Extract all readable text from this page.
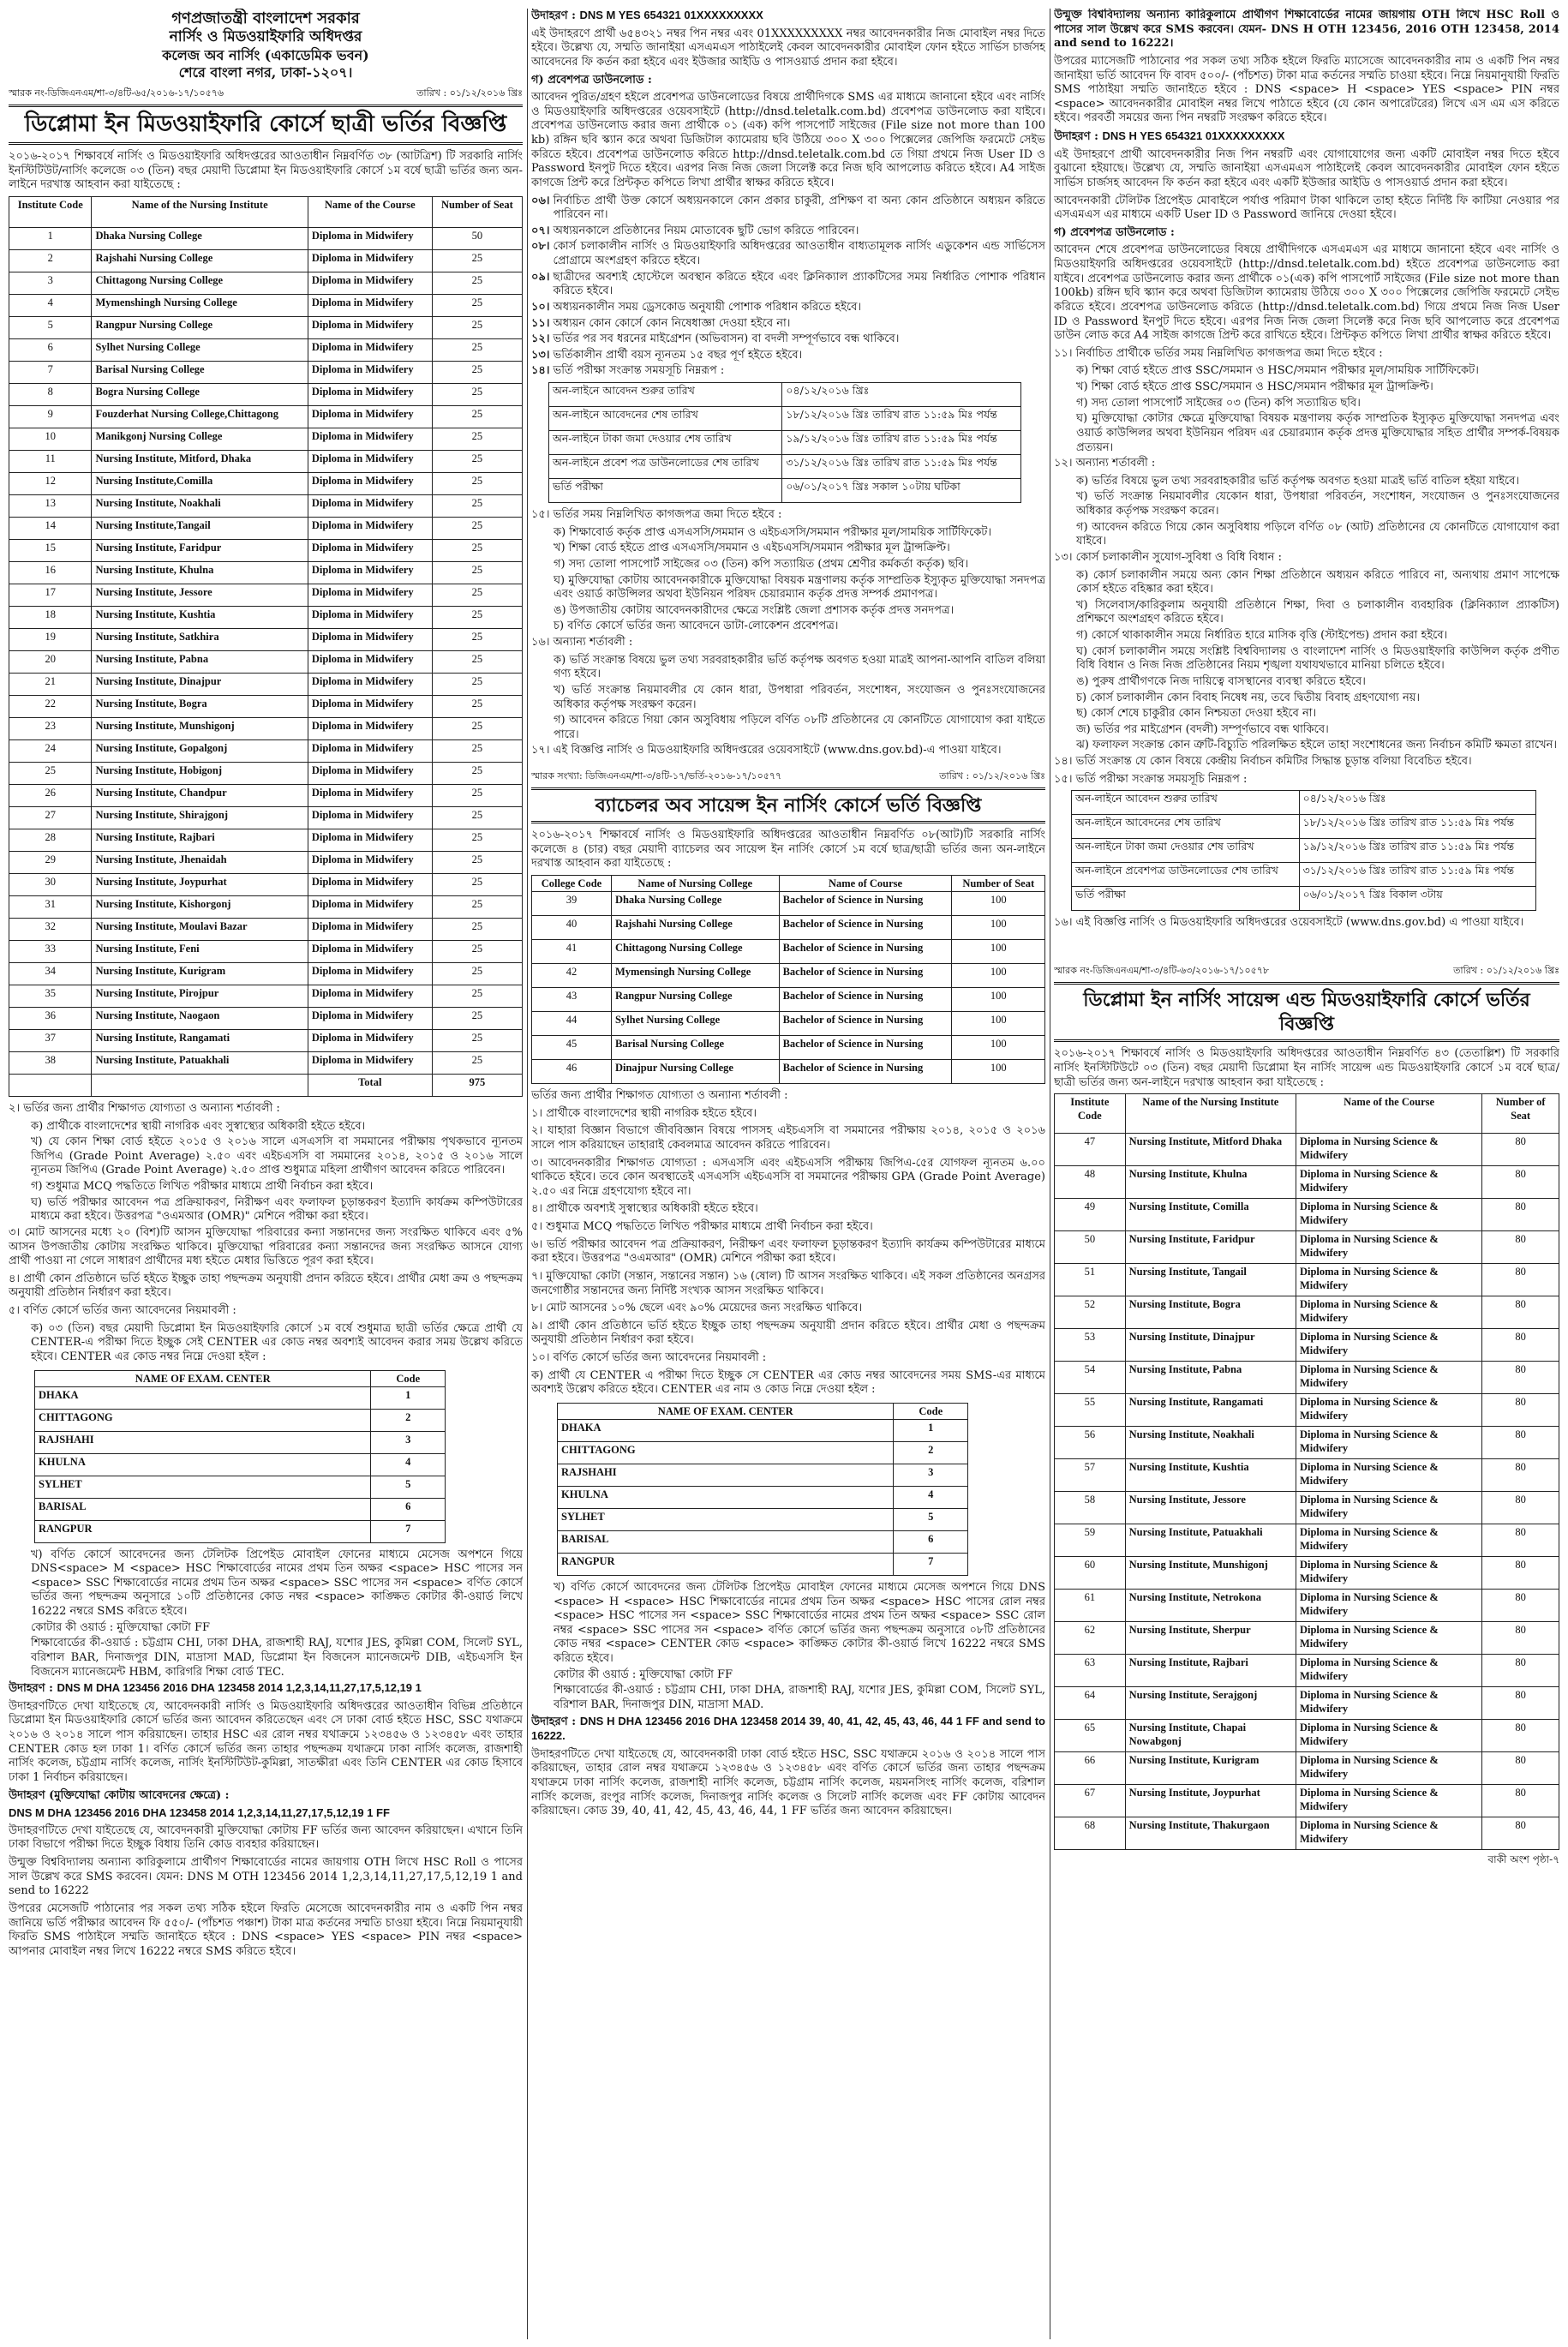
গণপ্রজাতন্ত্রী বাংলাদেশ সরকার
নার্সিং ও মিডওয়াইফারি অধিদপ্তর
কলেজ অব নার্সিং (একাডেমিক ভবন)
শেরে বাংলা নগর, ঢাকা-১২০৭।
স্মারক নং-ডিজিএনএম/শা-৩/৪টি-৬৫/২০১৬-১৭/১০৫৭৬	তারিখ : ০১/১২/২০১৬ খ্রিঃ
ডিপ্লোমা ইন মিডওয়াইফারি কোর্সে ছাত্রী ভর্তির বিজ্ঞপ্তি
২০১৬-২০১৭ শিক্ষাবর্ষে নার্সিং ও মিডওয়াইফারি অধিদপ্তরের আওতাধীন নিম্নবর্ণিত ৩৮ (আটত্রিশ) টি সরকারি নার্সিং ইনস্টিটিউট/নার্সিং কলেজে ০৩ (তিন) বছর মেয়াদী ডিপ্লোমা ইন মিডওয়াইফারি কোর্সে ১ম বর্ষে ছাত্রী ভর্তির জন্য অন-লাইনে দরখাস্ত আহবান করা যাইতেছে :
Institute Code	Name of the Nursing Institute	Name of the Course	Number of Seat
1	Dhaka Nursing College	Diploma in Midwifery	50
2	Rajshahi Nursing College	Diploma in Midwifery	25
3	Chittagong Nursing College	Diploma in Midwifery	25
4	Mymenshingh Nursing College	Diploma in Midwifery	25
5	Rangpur Nursing College	Diploma in Midwifery	25
6	Sylhet Nursing College	Diploma in Midwifery	25
7	Barisal Nursing College	Diploma in Midwifery	25
8	Bogra Nursing College	Diploma in Midwifery	25
9	Fouzderhat Nursing College,Chittagong	Diploma in Midwifery	25
10	Manikgonj Nursing College	Diploma in Midwifery	25
11	Nursing Institute, Mitford, Dhaka	Diploma in Midwifery	25
12	Nursing Institute,Comilla	Diploma in Midwifery	25
13	Nursing Institute, Noakhali	Diploma in Midwifery	25
14	Nursing Institute,Tangail	Diploma in Midwifery	25
15	Nursing Institute, Faridpur	Diploma in Midwifery	25
16	Nursing Institute, Khulna	Diploma in Midwifery	25
17	Nursing Institute, Jessore	Diploma in Midwifery	25
18	Nursing Institute, Kushtia	Diploma in Midwifery	25
19	Nursing Institute, Satkhira	Diploma in Midwifery	25
20	Nursing Institute, Pabna	Diploma in Midwifery	25
21	Nursing Institute, Dinajpur	Diploma in Midwifery	25
22	Nursing Institute, Bogra	Diploma in Midwifery	25
23	Nursing Institute, Munshigonj	Diploma in Midwifery	25
24	Nursing Institute, Gopalgonj	Diploma in Midwifery	25
25	Nursing Institute, Hobigonj	Diploma in Midwifery	25
26	Nursing Institute, Chandpur	Diploma in Midwifery	25
27	Nursing Institute, Shirajgonj	Diploma in Midwifery	25
28	Nursing Institute, Rajbari	Diploma in Midwifery	25
29	Nursing Institute, Jhenaidah	Diploma in Midwifery	25
30	Nursing Institute, Joypurhat	Diploma in Midwifery	25
31	Nursing Institute, Kishorgonj	Diploma in Midwifery	25
32	Nursing Institute, Moulavi Bazar	Diploma in Midwifery	25
33	Nursing Institute, Feni	Diploma in Midwifery	25
34	Nursing Institute, Kurigram	Diploma in Midwifery	25
35	Nursing Institute, Pirojpur	Diploma in Midwifery	25
36	Nursing Institute, Naogaon	Diploma in Midwifery	25
37	Nursing Institute, Rangamati	Diploma in Midwifery	25
38	Nursing Institute, Patuakhali	Diploma in Midwifery	25
		Total	975
২। ভর্তির জন্য প্রার্থীর শিক্ষাগত যোগ্যতা ও অন্যান্য শর্তাবলী :
ক) প্রার্থীকে বাংলাদেশের স্থায়ী নাগরিক এবং সুস্বাস্থ্যের অধিকারী হইতে হইবে।
খ) যে কোন শিক্ষা বোর্ড হইতে ২০১৫ ও ২০১৬ সালে এসএসসি বা সমমানের পরীক্ষায় পৃথকভাবে ন্যূনতম জিপিএ (Grade Point Average) ২.৫০ এবং এইচএসসি বা সমমানের ২০১৪, ২০১৫ ও ২০১৬ সালে ন্যূনতম জিপিএ (Grade Point Average) ২.৫০ প্রাপ্ত শুধুমাত্র মহিলা প্রার্থীগণ আবেদন করিতে পারিবেন।
গ) শুধুমাত্র MCQ পদ্ধতিতে লিখিত পরীক্ষার মাধ্যমে প্রার্থী নির্বাচন করা হইবে।
ঘ) ভর্তি পরীক্ষার আবেদন পত্র প্রক্রিয়াকরণ, নিরীক্ষণ এবং ফলাফল চূড়ান্তকরণ ইত্যাদি কার্যক্রম কম্পিউটারের মাধ্যমে করা হইবে। উত্তরপত্র "ওএমআর (OMR)" মেশিনে পরীক্ষা করা হইবে।
৩। মোট আসনের মধ্যে ২০ (বিশ)টি আসন মুক্তিযোদ্ধা পরিবারের কন্যা সন্তানদের জন্য সংরক্ষিত থাকিবে এবং ৫% আসন উপজাতীয় কোটায় সংরক্ষিত থাকিবে। মুক্তিযোদ্ধা পরিবারের কন্যা সন্তানদের জন্য সংরক্ষিত আসনে যোগ্য প্রার্থী পাওয়া না গেলে সাধারণ প্রার্থীদের মধ্য হইতে মেধার ভিত্তিতে পূরণ করা হইবে।
৪। প্রার্থী কোন প্রতিষ্ঠানে ভর্তি হইতে ইচ্ছুক তাহা পছন্দক্রম অনুযায়ী প্রদান করিতে হইবে। প্রার্থীর মেধা ক্রম ও পছন্দক্রম অনুযায়ী প্রতিষ্ঠান নির্ধারণ করা হইবে।
৫। বর্ণিত কোর্সে ভর্তির জন্য আবেদনের নিয়মাবলী :
ক) ০৩ (তিন) বছর মেয়াদী ডিপ্লোমা ইন মিডওয়াইফারি কোর্সে ১ম বর্ষে শুধুমাত্র ছাত্রী ভর্তির ক্ষেত্রে প্রার্থী যে CENTER-এ পরীক্ষা দিতে ইচ্ছুক সেই CENTER এর কোড নম্বর অবশ্যই আবেদন করার সময় উল্লেখ করিতে হইবে। CENTER এর কোড নম্বর নিম্নে দেওয়া হইল :
NAME OF EXAM. CENTER	Code
DHAKA	1
CHITTAGONG	2
RAJSHAHI	3
KHULNA	4
SYLHET	5
BARISAL	6
RANGPUR	7
খ) বর্ণিত কোর্সে আবেদনের জন্য টেলিটক প্রিপেইড মোবাইল ফোনের মাধ্যমে মেসেজ অপশনে গিয়ে DNS<space> M <space> HSC শিক্ষাবোর্ডের নামের প্রথম তিন অক্ষর <space> HSC পাসের সন <space> SSC শিক্ষাবোর্ডের নামের প্রথম তিন অক্ষর <space> SSC পাসের সন <space> বর্ণিত কোর্সে ভর্তির জন্য পছন্দক্রম অনুসারে ১০টি প্রতিষ্ঠানের কোড নম্বর <space> কাঙ্ক্ষিত কোটার কী-ওয়ার্ড লিখে 16222 নম্বরে SMS করিতে হইবে।
কোটার কী ওয়ার্ড : মুক্তিযোদ্ধা কোটা FF
শিক্ষাবোর্ডের কী-ওয়ার্ড : চট্টগ্রাম CHI, ঢাকা DHA, রাজশাহী RAJ, যশোর JES, কুমিল্লা COM, সিলেট SYL, বরিশাল BAR, দিনাজপুর DIN, মাদ্রাসা MAD, ডিপ্লোমা ইন বিজনেস ম্যানেজমেন্ট DIB, এইচএসসি ইন বিজনেস ম্যানেজমেন্ট HBM, কারিগরি শিক্ষা বোর্ড TEC.
উদাহরণ : DNS M DHA 123456 2016 DHA 123458 2014 1,2,3,14,11,27,17,5,12,19 1
উদাহরণটিতে দেখা যাইতেছে যে, আবেদনকারী নার্সিং ও মিডওয়াইফারি অধিদপ্তরের আওতাধীন বিভিন্ন প্রতিষ্ঠানে ডিপ্লোমা ইন মিডওয়াইফারি কোর্সে ভর্তির জন্য আবেদন করিতেছেন এবং সে ঢাকা বোর্ড হইতে HSC, SSC যথাক্রমে ২০১৬ ও ২০১৪ সালে পাস করিয়াছেন। তাহার HSC এর রোল নম্বর যথাক্রমে ১২৩৪৫৬ ও ১২৩৪৫৮ এবং তাহার CENTER কোড হল ঢাকা 1। বর্ণিত কোর্সে ভর্তির জন্য তাহার পছন্দক্রম যথাক্রমে ঢাকা নার্সিং কলেজ, রাজশাহী নার্সিং কলেজ, চট্টগ্রাম নার্সিং কলেজ, নার্সিং ইনস্টিটিউট-কুমিল্লা, সাতক্ষীরা এবং তিনি CENTER এর কোড হিসাবে ঢাকা 1 নির্বাচন করিয়াছেন।
উদাহরণ (মুক্তিযোদ্ধা কোটায় আবেদনের ক্ষেত্রে) :
DNS M DHA 123456 2016 DHA 123458 2014 1,2,3,14,11,27,17,5,12,19 1 FF
উদাহরণটিতে দেখা যাইতেছে যে, আবেদনকারী মুক্তিযোদ্ধা কোটায় FF ভর্তির জন্য আবেদন করিয়াছেন। এখানে তিনি ঢাকা বিভাগে পরীক্ষা দিতে ইচ্ছুক বিধায় তিনি কোড ব্যবহার করিয়াছেন।
উন্মুক্ত বিশ্ববিদ্যালয় অন্যান্য কারিকুলামে প্রার্থীগণ শিক্ষাবোর্ডের নামের জায়গায় OTH লিখে HSC Roll ও পাসের সাল উল্লেখ করে SMS করবেন। যেমন: DNS M OTH 123456 2014 1,2,3,14,11,27,17,5,12,19 1 and send to 16222
উপরের মেসেজটি পাঠানোর পর সকল তথ্য সঠিক হইলে ফিরতি মেসেজে আবেদনকারীর নাম ও একটি পিন নম্বর জানিয়ে ভর্তি পরীক্ষার আবেদন ফি ৫৫০/- (পাঁচশত পঞ্চাশ) টাকা মাত্র কর্তনের সম্মতি চাওয়া হইবে। নিম্নে নিয়মানুযায়ী ফিরতি SMS পাঠাইলে সম্মতি জানাইতে হইবে : DNS <space> YES <space> PIN নম্বর <space> আপনার মোবাইল নম্বর লিখে 16222 নম্বরে SMS করিতে হইবে।
উদাহরণ : DNS M YES 654321 01XXXXXXXXX
এই উদাহরণে প্রার্থী ৬৫৪৩২১ নম্বর পিন নম্বর এবং 01XXXXXXXXX নম্বর আবেদনকারীর নিজ মোবাইল নম্বর দিতে হইবে। উল্লেখ্য যে, সম্মতি জানাইয়া এসএমএস পাঠাইলেই কেবল আবেদনকারীর মোবাইল ফোন হইতে সার্ভিস চার্জসহ আবেদনের ফি কর্তন করা হইবে এবং ইউজার আইডি ও পাসওয়ার্ড প্রদান করা হইবে।
গ) প্রবেশপত্র ডাউনলোড :
আবেদন পুরিত/গ্রহণ হইলে প্রবেশপত্র ডাউনলোডের বিষয়ে প্রার্থীদিগকে SMS এর মাধ্যমে জানানো হইবে এবং নার্সিং ও মিডওয়াইফারি অধিদপ্তরের ওয়েবসাইটে (http://dnsd.teletalk.com.bd) প্রবেশপত্র ডাউনলোড করা যাইবে। প্রবেশপত্র ডাউনলোড করার জন্য প্রার্থীকে ০১ (এক) কপি পাসপোর্ট সাইজের (File size not more than 100 kb) রঙ্গিন ছবি স্ক্যান করে অথবা ডিজিটাল ক্যামেরায় ছবি উঠিয়ে ৩০০ X ৩০০ পিক্সেলের জেপিজি ফরমেটে সেইভ করিতে হইবে। প্রবেশপত্র ডাউনলোড করিতে http://dnsd.teletalk.com.bd তে গিয়া প্রথমে নিজ User ID ও Password ইনপুট দিতে হইবে। এরপর নিজ নিজ জেলা সিলেক্ট করে নিজ ছবি আপলোড করিতে হইবে। A4 সাইজ কাগজে প্রিন্ট করে প্রিন্টকৃত কপিতে লিখা প্রার্থীর স্বাক্ষর করিতে হইবে।
০৬। নির্বাচিত প্রার্থী উক্ত কোর্সে অধ্যয়নকালে কোন প্রকার চাকুরী, প্রশিক্ষণ বা অন্য কোন প্রতিষ্ঠানে অধ্যয়ন করিতে পারিবেন না।
০৭। অধ্যয়নকালে প্রতিষ্ঠানের নিয়ম মোতাবেক ছুটি ভোগ করিতে পারিবেন।
০৮। কোর্স চলাকালীন নার্সিং ও মিডওয়াইফারি অধিদপ্তরের আওতাধীন বাধ্যতামূলক নার্সিং এডুকেশন এন্ড সার্ভিসেস প্রোগ্রামে অংশগ্রহণ করিতে হইবে।
০৯। ছাত্রীদের অবশ্যই হোস্টেলে অবস্থান করিতে হইবে এবং ক্লিনিক্যাল প্র্যাকটিসের সময় নির্ধারিত পোশাক পরিধান করিতে হইবে।
১০। অধ্যয়নকালীন সময় ড্রেসকোড অনুযায়ী পোশাক পরিধান করিতে হইবে।
১১। অধ্যয়ন কোন কোর্সে কোন নিষেধাজ্ঞা দেওয়া হইবে না।
১২। ভর্তির পর সব ধরনের মাইগ্রেশন (অভিবাসন) বা বদলী সম্পূর্ণভাবে বন্ধ থাকিবে।
১৩। ভর্তিকালীন প্রার্থী বয়স ন্যূনতম ১৫ বছর পূর্ণ হইতে হইবে।
১৪। ভর্তি পরীক্ষা সংক্রান্ত সময়সূচি নিম্নরূপ :
অন-লাইনে আবেদন শুরুর তারিখ	০৪/১২/২০১৬ খ্রিঃ
অন-লাইনে আবেদনের শেষ তারিখ	১৮/১২/২০১৬ খ্রিঃ তারিখ রাত ১১:৫৯ মিঃ পর্যন্ত
অন-লাইনে টাকা জমা দেওয়ার শেষ তারিখ	১৯/১২/২০১৬ খ্রিঃ তারিখ রাত ১১:৫৯ মিঃ পর্যন্ত
অন-লাইনে প্রবেশ পত্র ডাউনলোডের শেষ তারিখ	৩১/১২/২০১৬ খ্রিঃ তারিখ রাত ১১:৫৯ মিঃ পর্যন্ত
ভর্তি পরীক্ষা	০৬/০১/২০১৭ খ্রিঃ সকাল ১০টায় ঘটিকা
১৫। ভর্তির সময় নিম্নলিখিত কাগজপত্র জমা দিতে হইবে :
ক) শিক্ষাবোর্ড কর্তৃক প্রাপ্ত এসএসসি/সমমান ও এইচএসসি/সমমান পরীক্ষার মূল/সাময়িক সার্টিফিকেট।
খ) শিক্ষা বোর্ড হইতে প্রাপ্ত এসএসসি/সমমান ও এইচএসসি/সমমান পরীক্ষার মূল ট্রান্সক্রিপ্ট।
গ) সদ্য তোলা পাসপোর্ট সাইজের ০৩ (তিন) কপি সত্যায়িত (প্রথম শ্রেণীর কর্মকর্তা কর্তৃক) ছবি।
ঘ) মুক্তিযোদ্ধা কোটায় আবেদনকারীকে মুক্তিযোদ্ধা বিষয়ক মন্ত্রণালয় কর্তৃক সাম্প্রতিক ইস্যুকৃত মুক্তিযোদ্ধা সনদপত্র এবং ওয়ার্ড কাউন্সিলর অথবা ইউনিয়ন পরিষদ চেয়ারম্যান কর্তৃক প্রদত্ত সম্পর্ক প্রমাণপত্র।
ঙ) উপজাতীয় কোটায় আবেদনকারীদের ক্ষেত্রে সংশ্লিষ্ট জেলা প্রশাসক কর্তৃক প্রদত্ত সনদপত্র।
চ) বর্ণিত কোর্সে ভর্তির জন্য আবেদনে ডাটা-লোকেশন প্রবেশপত্র।
১৬। অন্যান্য শর্তাবলী :
ক) ভর্তি সংক্রান্ত বিষয়ে ভুল তথ্য সরবরাহকারীর ভর্তি কর্তৃপক্ষ অবগত হওয়া মাত্রই আপনা-আপনি বাতিল বলিয়া গণ্য হইবে।
খ) ভর্তি সংক্রান্ত নিয়মাবলীর যে কোন ধারা, উপধারা পরিবর্তন, সংশোধন, সংযোজন ও পুনঃসংযোজনের অধিকার কর্তৃপক্ষ সংরক্ষণ করেন।
গ) আবেদন করিতে গিয়া কোন অসুবিধায় পড়িলে বর্ণিত ০৮টি প্রতিষ্ঠানের যে কোনটিতে যোগাযোগ করা যাইতে পারে।
১৭। এই বিজ্ঞপ্তি নার্সিং ও মিডওয়াইফারি অধিদপ্তরের ওয়েবসাইটে (www.dns.gov.bd)-এ পাওয়া যাইবে।
স্মারক সংখ্যা: ডিজিএনএম/শা-৩/৪টি-১৭/ভর্তি-২০১৬-১৭/১০৫৭৭	তারিখ : ০১/১২/২০১৬ খ্রিঃ
ব্যাচেলর অব সায়েন্স ইন নার্সিং কোর্সে ভর্তি বিজ্ঞপ্তি
২০১৬-২০১৭ শিক্ষাবর্ষে নার্সিং ও মিডওয়াইফারি অধিদপ্তরের আওতাধীন নিম্নবর্ণিত ০৮(আট)টি সরকারি নার্সিং কলেজে ৪ (চার) বছর মেয়াদী ব্যাচেলর অব সায়েন্স ইন নার্সিং কোর্সে ১ম বর্ষে ছাত্র/ছাত্রী ভর্তির জন্য অন-লাইনে দরখাস্ত আহবান করা যাইতেছে :
College Code	Name of Nursing College	Name of Course	Number of Seat
39	Dhaka Nursing College	Bachelor of Science in Nursing	100
40	Rajshahi Nursing College	Bachelor of Science in Nursing	100
41	Chittagong Nursing College	Bachelor of Science in Nursing	100
42	Mymensingh Nursing College	Bachelor of Science in Nursing	100
43	Rangpur Nursing College	Bachelor of Science in Nursing	100
44	Sylhet Nursing College	Bachelor of Science in Nursing	100
45	Barisal Nursing College	Bachelor of Science in Nursing	100
46	Dinajpur Nursing College	Bachelor of Science in Nursing	100
ভর্তির জন্য প্রার্থীর শিক্ষাগত যোগ্যতা ও অন্যান্য শর্তাবলী :
১। প্রার্থীকে বাংলাদেশের স্থায়ী নাগরিক হইতে হইবে।
২। যাহারা বিজ্ঞান বিভাগে জীববিজ্ঞান বিষয়ে পাসসহ এইচএসসি বা সমমানের পরীক্ষায় ২০১৪, ২০১৫ ও ২০১৬ সালে পাস করিয়াছেন তাহারাই কেবলমাত্র আবেদন করিতে পারিবেন।
৩। আবেদনকারীর শিক্ষাগত যোগ্যতা : এসএসসি এবং এইচএসসি পরীক্ষায় জিপিএ-৫ের যোগফল ন্যূনতম ৬.০০ থাকিতে হইবে। তবে কোন অবস্থাতেই এসএসসি এইচএসসি বা সমমানের পরীক্ষায় GPA (Grade Point Average) ২.৫০ এর নিম্নে গ্রহণযোগ্য হইবে না।
৪। প্রার্থীকে অবশ্যই সুস্বাস্থ্যের অধিকারী হইতে হইবে।
৫। শুধুমাত্র MCQ পদ্ধতিতে লিখিত পরীক্ষার মাধ্যমে প্রার্থী নির্বাচন করা হইবে।
৬। ভর্তি পরীক্ষার আবেদন পত্র প্রক্রিয়াকরণ, নিরীক্ষণ এবং ফলাফল চূড়ান্তকরণ ইত্যাদি কার্যক্রম কম্পিউটারের মাধ্যমে করা হইবে। উত্তরপত্র "ওএমআর" (OMR) মেশিনে পরীক্ষা করা হইবে।
৭। মুক্তিযোদ্ধা কোটা (সন্তান, সন্তানের সন্তান) ১৬ (ষোল) টি আসন সংরক্ষিত থাকিবে। এই সকল প্রতিষ্ঠানের অনগ্রসর জনগোষ্ঠীর সন্তানদের জন্য নির্দিষ্ট সংখ্যক আসন সংরক্ষিত থাকিবে।
৮। মোট আসনের ১০% ছেলে এবং ৯০% মেয়েদের জন্য সংরক্ষিত থাকিবে।
৯। প্রার্থী কোন প্রতিষ্ঠানে ভর্তি হইতে ইচ্ছুক তাহা পছন্দক্রম অনুযায়ী প্রদান করিতে হইবে। প্রার্থীর মেধা ও পছন্দক্রম অনুযায়ী প্রতিষ্ঠান নির্ধারণ করা হইবে।
১০। বর্ণিত কোর্সে ভর্তির জন্য আবেদনের নিয়মাবলী :
ক) প্রার্থী যে CENTER এ পরীক্ষা দিতে ইচ্ছুক সে CENTER এর কোড নম্বর আবেদনের সময় SMS-এর মাধ্যমে অবশ্যই উল্লেখ করিতে হইবে। CENTER এর নাম ও কোড নিম্নে দেওয়া হইল :
NAME OF EXAM. CENTER	Code
DHAKA	1
CHITTAGONG	2
RAJSHAHI	3
KHULNA	4
SYLHET	5
BARISAL	6
RANGPUR	7
খ) বর্ণিত কোর্সে আবেদনের জন্য টেলিটক প্রিপেইড মোবাইল ফোনের মাধ্যমে মেসেজ অপশনে গিয়ে DNS <space> H <space> HSC শিক্ষাবোর্ডের নামের প্রথম তিন অক্ষর <space> HSC পাসের রোল নম্বর <space> HSC পাসের সন <space> SSC শিক্ষাবোর্ডের নামের প্রথম তিন অক্ষর <space> SSC রোল নম্বর <space> SSC পাসের সন <space> বর্ণিত কোর্সে ভর্তির জন্য পছন্দক্রম অনুসারে ০৮টি প্রতিষ্ঠানের কোড নম্বর <space> CENTER কোড <space> কাঙ্ক্ষিত কোটার কী-ওয়ার্ড লিখে 16222 নম্বরে SMS করিতে হইবে।
কোটার কী ওয়ার্ড : মুক্তিযোদ্ধা কোটা FF
শিক্ষাবোর্ডের কী-ওয়ার্ড : চট্টগ্রাম CHI, ঢাকা DHA, রাজশাহী RAJ, যশোর JES, কুমিল্লা COM, সিলেট SYL, বরিশাল BAR, দিনাজপুর DIN, মাদ্রাসা MAD.
উদাহরণ : DNS H DHA 123456 2016 DHA 123458 2014 39, 40, 41, 42, 45, 43, 46, 44 1 FF and send to 16222.
উদাহরণটিতে দেখা যাইতেছে যে, আবেদনকারী ঢাকা বোর্ড হইতে HSC, SSC যথাক্রমে ২০১৬ ও ২০১৪ সালে পাস করিয়াছেন, তাহার রোল নম্বর যথাক্রমে ১২৩৪৫৬ ও ১২৩৪৫৮ এবং বর্ণিত কোর্সে ভর্তির জন্য তাহার পছন্দক্রম যথাক্রমে ঢাকা নার্সিং কলেজ, রাজশাহী নার্সিং কলেজ, চট্টগ্রাম নার্সিং কলেজ, ময়মনসিংহ নার্সিং কলেজ, বরিশাল নার্সিং কলেজ, রংপুর নার্সিং কলেজ, দিনাজপুর নার্সিং কলেজ ও সিলেট নার্সিং কলেজ এবং FF কোটায় আবেদন করিয়াছেন। কোড 39, 40, 41, 42, 45, 43, 46, 44, 1 FF ভর্তির জন্য আবেদন করিয়াছেন।
উন্মুক্ত বিশ্ববিদ্যালয় অন্যান্য কারিকুলামে প্রার্থীগণ শিক্ষাবোর্ডের নামের জায়গায় OTH লিখে HSC Roll ও পাসের সাল উল্লেখ করে SMS করবেন। যেমন- DNS H OTH 123456, 2016 OTH 123458, 2014 and send to 16222।
উপরের ম্যাসেজটি পাঠানোর পর সকল তথ্য সঠিক হইলে ফিরতি ম্যাসেজে আবেদনকারীর নাম ও একটি পিন নম্বর জানাইয়া ভর্তি আবেদন ফি বাবদ ৫০০/- (পাঁচশত) টাকা মাত্র কর্তনের সম্মতি চাওয়া হইবে। নিম্নে নিয়মানুযায়ী ফিরতি SMS পাঠাইয়া সম্মতি জানাইতে হইবে : DNS <space> H <space> YES <space> PIN নম্বর <space> আবেদনকারীর মোবাইল নম্বর লিখে পাঠাতে হইবে (যে কোন অপারেটরের) লিখে এস এম এস করিতে হইবে। পরবর্তী সময়ের জন্য পিন নম্বরটি সংরক্ষণ করিতে হইবে।
উদাহরণ : DNS H YES 654321 01XXXXXXXXX
এই উদাহরণে প্রার্থী আবেদনকারীর নিজ পিন নম্বরটি এবং যোগাযোগের জন্য একটি মোবাইল নম্বর দিতে হইবে বুঝানো হইয়াছে। উল্লেখ্য যে, সম্মতি জানাইয়া এসএমএস পাঠাইলেই কেবল আবেদনকারীর মোবাইল ফোন হইতে সার্ভিস চার্জসহ আবেদন ফি কর্তন করা হইবে এবং একটি ইউজার আইডি ও পাসওয়ার্ড প্রদান করা হইবে।
আবেদনকারী টেলিটক প্রিপেইড মোবাইলে পর্যাপ্ত পরিমাণ টাকা থাকিলে তাহা হইতে নির্দিষ্ট ফি কাটিয়া নেওয়ার পর এসএমএস এর মাধ্যমে একটি User ID ও Password জানিয়ে দেওয়া হইবে।
গ) প্রবেশপত্র ডাউনলোড :
আবেদন শেষে প্রবেশপত্র ডাউনলোডের বিষয়ে প্রার্থীদিগকে এসএমএস এর মাধ্যমে জানানো হইবে এবং নার্সিং ও মিডওয়াইফারি অধিদপ্তরের ওয়েবসাইটে (http://dnsd.teletalk.com.bd) হইতে প্রবেশপত্র ডাউনলোড করা যাইবে। প্রবেশপত্র ডাউনলোড করার জন্য প্রার্থীকে ০১(এক) কপি পাসপোর্ট সাইজের (File size not more than 100kb) রঙ্গিন ছবি স্ক্যান করে অথবা ডিজিটাল ক্যামেরায় উঠিয়ে ৩০০ X ৩০০ পিক্সেলের জেপিজি ফরমেটে সেইভ করিতে হইবে। প্রবেশপত্র ডাউনলোড করিতে (http://dnsd.teletalk.com.bd) গিয়ে প্রথমে নিজ নিজ User ID ও Password ইনপুট দিতে হইবে। এরপর নিজ নিজ জেলা সিলেক্ট করে নিজ ছবি আপলোড করে প্রবেশপত্র ডাউন লোড করে A4 সাইজ কাগজে প্রিন্ট করে রাখিতে হইবে। প্রিন্টকৃত কপিতে লিখা প্রার্থীর স্বাক্ষর করিতে হইবে।
১১। নির্বাচিত প্রার্থীকে ভর্তির সময় নিম্নলিখিত কাগজপত্র জমা দিতে হইবে :
ক) শিক্ষা বোর্ড হইতে প্রাপ্ত SSC/সমমান ও HSC/সমমান পরীক্ষার মূল/সাময়িক সার্টিফিকেট।
খ) শিক্ষা বোর্ড হইতে প্রাপ্ত SSC/সমমান ও HSC/সমমান পরীক্ষার মূল ট্রান্সক্রিপ্ট।
গ) সদ্য তোলা পাসপোর্ট সাইজের ০৩ (তিন) কপি সত্যায়িত ছবি।
ঘ) মুক্তিযোদ্ধা কোটার ক্ষেত্রে মুক্তিযোদ্ধা বিষয়ক মন্ত্রণালয় কর্তৃক সাম্প্রতিক ইস্যুকৃত মুক্তিযোদ্ধা সনদপত্র এবং ওয়ার্ড কাউন্সিলর অথবা ইউনিয়ন পরিষদ এর চেয়ারম্যান কর্তৃক প্রদত্ত মুক্তিযোদ্ধার সহিত প্রার্থীর সম্পর্ক-বিষয়ক প্রত্যয়ন।
১২। অন্যান্য শর্তাবলী :
ক) ভর্তির বিষয়ে ভুল তথ্য সরবরাহকারীর ভর্তি কর্তৃপক্ষ অবগত হওয়া মাত্রই ভর্তি বাতিল হইয়া যাইবে।
খ) ভর্তি সংক্রান্ত নিয়মাবলীর যেকোন ধারা, উপধারা পরিবর্তন, সংশোধন, সংযোজন ও পুনঃসংযোজনের অধিকার কর্তৃপক্ষ সংরক্ষণ করেন।
গ) আবেদন করিতে গিয়ে কোন অসুবিধায় পড়িলে বর্ণিত ০৮ (আট) প্রতিষ্ঠানের যে কোনটিতে যোগাযোগ করা যাইবে।
১৩। কোর্স চলাকালীন সুযোগ-সুবিধা ও বিধি বিধান :
ক) কোর্স চলাকালীন সময়ে অন্য কোন শিক্ষা প্রতিষ্ঠানে অধ্যয়ন করিতে পারিবে না, অন্যথায় প্রমাণ সাপেক্ষে কোর্স হইতে বহিষ্কার করা হইবে।
খ) সিলেবাস/কারিকুলাম অনুযায়ী প্রতিষ্ঠানে শিক্ষা, দিবা ও চলাকালীন ব্যবহারিক (ক্লিনিক্যাল প্র্যাকটিস) প্রশিক্ষণে অংশগ্রহণ করিতে হইবে।
গ) কোর্সে থাকাকালীন সময়ে নির্ধারিত হারে মাসিক বৃত্তি (স্টাইপেন্ড) প্রদান করা হইবে।
ঘ) কোর্স চলাকালীন সময়ে সংশ্লিষ্ট বিশ্ববিদ্যালয় ও বাংলাদেশ নার্সিং ও মিডওয়াইফারি কাউন্সিল কর্তৃক প্রণীত বিধি বিধান ও নিজ নিজ প্রতিষ্ঠানের নিয়ম শৃঙ্খলা যথাযথভাবে মানিয়া চলিতে হইবে।
ঙ) পুরুষ প্রার্থীগণকে নিজ দায়িত্বে বাসস্থানের ব্যবস্থা করিতে হইবে।
চ) কোর্স চলাকালীন কোন বিবাহ নিষেধ নয়, তবে দ্বিতীয় বিবাহ গ্রহণযোগ্য নয়।
ছ) কোর্স শেষে চাকুরীর কোন নিশ্চয়তা দেওয়া হইবে না।
জ) ভর্তির পর মাইগ্রেশন (বদলী) সম্পূর্ণভাবে বন্ধ থাকিবে।
ঝ) ফলাফল সংক্রান্ত কোন ত্রুটি-বিচ্যুতি পরিলক্ষিত হইলে তাহা সংশোধনের জন্য নির্বাচন কমিটি ক্ষমতা রাখেন।
১৪। ভর্তি সংক্রান্ত যে কোন বিষয়ে কেন্দ্রীয় নির্বাচন কমিটির সিদ্ধান্ত চূড়ান্ত বলিয়া বিবেচিত হইবে।
১৫। ভর্তি পরীক্ষা সংক্রান্ত সময়সূচি নিম্নরূপ :
অন-লাইনে আবেদন শুরুর তারিখ	০৪/১২/২০১৬ খ্রিঃ
অন-লাইনে আবেদনের শেষ তারিখ	১৮/১২/২০১৬ খ্রিঃ তারিখ রাত ১১:৫৯ মিঃ পর্যন্ত
অন-লাইনে টাকা জমা দেওয়ার শেষ তারিখ	১৯/১২/২০১৬ খ্রিঃ তারিখ রাত ১১:৫৯ মিঃ পর্যন্ত
অন-লাইনে প্রবেশপত্র ডাউনলোডের শেষ তারিখ	৩১/১২/২০১৬ খ্রিঃ তারিখ রাত ১১:৫৯ মিঃ পর্যন্ত
ভর্তি পরীক্ষা	০৬/০১/২০১৭ খ্রিঃ বিকাল ৩টায়
১৬। এই বিজ্ঞপ্তি নার্সিং ও মিডওয়াইফারি অধিদপ্তরের ওয়েবসাইটে (www.dns.gov.bd) এ পাওয়া যাইবে।
স্মারক নং-ডিজিএনএম/শা-৩/৪টি-৬৩/২০১৬-১৭/১০৫৭৮	তারিখ : ০১/১২/২০১৬ খ্রিঃ
ডিপ্লোমা ইন নার্সিং সায়েন্স এন্ড মিডওয়াইফারি কোর্সে ভর্তির বিজ্ঞপ্তি
২০১৬-২০১৭ শিক্ষাবর্ষে নার্সিং ও মিডওয়াইফারি অধিদপ্তরের আওতাধীন নিম্নবর্ণিত ৪৩ (তেতাল্লিশ) টি সরকারি নার্সিং ইনস্টিটিউটে ০৩ (তিন) বছর মেয়াদী ডিপ্লোমা ইন নার্সিং সায়েন্স এন্ড মিডওয়াইফারি কোর্সে ১ম বর্ষে ছাত্র/ছাত্রী ভর্তির জন্য অন-লাইনে দরখাস্ত আহবান করা যাইতেছে :
Institute Code	Name of the Nursing Institute	Name of the Course	Number of Seat
47	Nursing Institute, Mitford Dhaka	Diploma in Nursing Science & Midwifery	80
48	Nursing Institute, Khulna	Diploma in Nursing Science & Midwifery	80
49	Nursing Institute, Comilla	Diploma in Nursing Science & Midwifery	80
50	Nursing Institute, Faridpur	Diploma in Nursing Science & Midwifery	80
51	Nursing Institute, Tangail	Diploma in Nursing Science & Midwifery	80
52	Nursing Institute, Bogra	Diploma in Nursing Science & Midwifery	80
53	Nursing Institute, Dinajpur	Diploma in Nursing Science & Midwifery	80
54	Nursing Institute, Pabna	Diploma in Nursing Science & Midwifery	80
55	Nursing Institute, Rangamati	Diploma in Nursing Science & Midwifery	80
56	Nursing Institute, Noakhali	Diploma in Nursing Science & Midwifery	80
57	Nursing Institute, Kushtia	Diploma in Nursing Science & Midwifery	80
58	Nursing Institute, Jessore	Diploma in Nursing Science & Midwifery	80
59	Nursing Institute, Patuakhali	Diploma in Nursing Science & Midwifery	80
60	Nursing Institute, Munshigonj	Diploma in Nursing Science & Midwifery	80
61	Nursing Institute, Netrokona	Diploma in Nursing Science & Midwifery	80
62	Nursing Institute, Sherpur	Diploma in Nursing Science & Midwifery	80
63	Nursing Institute, Rajbari	Diploma in Nursing Science & Midwifery	80
64	Nursing Institute, Serajgonj	Diploma in Nursing Science & Midwifery	80
65	Nursing Institute, Chapai Nowabgonj	Diploma in Nursing Science & Midwifery	80
66	Nursing Institute, Kurigram	Diploma in Nursing Science & Midwifery	80
67	Nursing Institute, Joypurhat	Diploma in Nursing Science & Midwifery	80
68	Nursing Institute, Thakurgaon	Diploma in Nursing Science & Midwifery	80
বাকী অংশ পৃষ্ঠা-৭
